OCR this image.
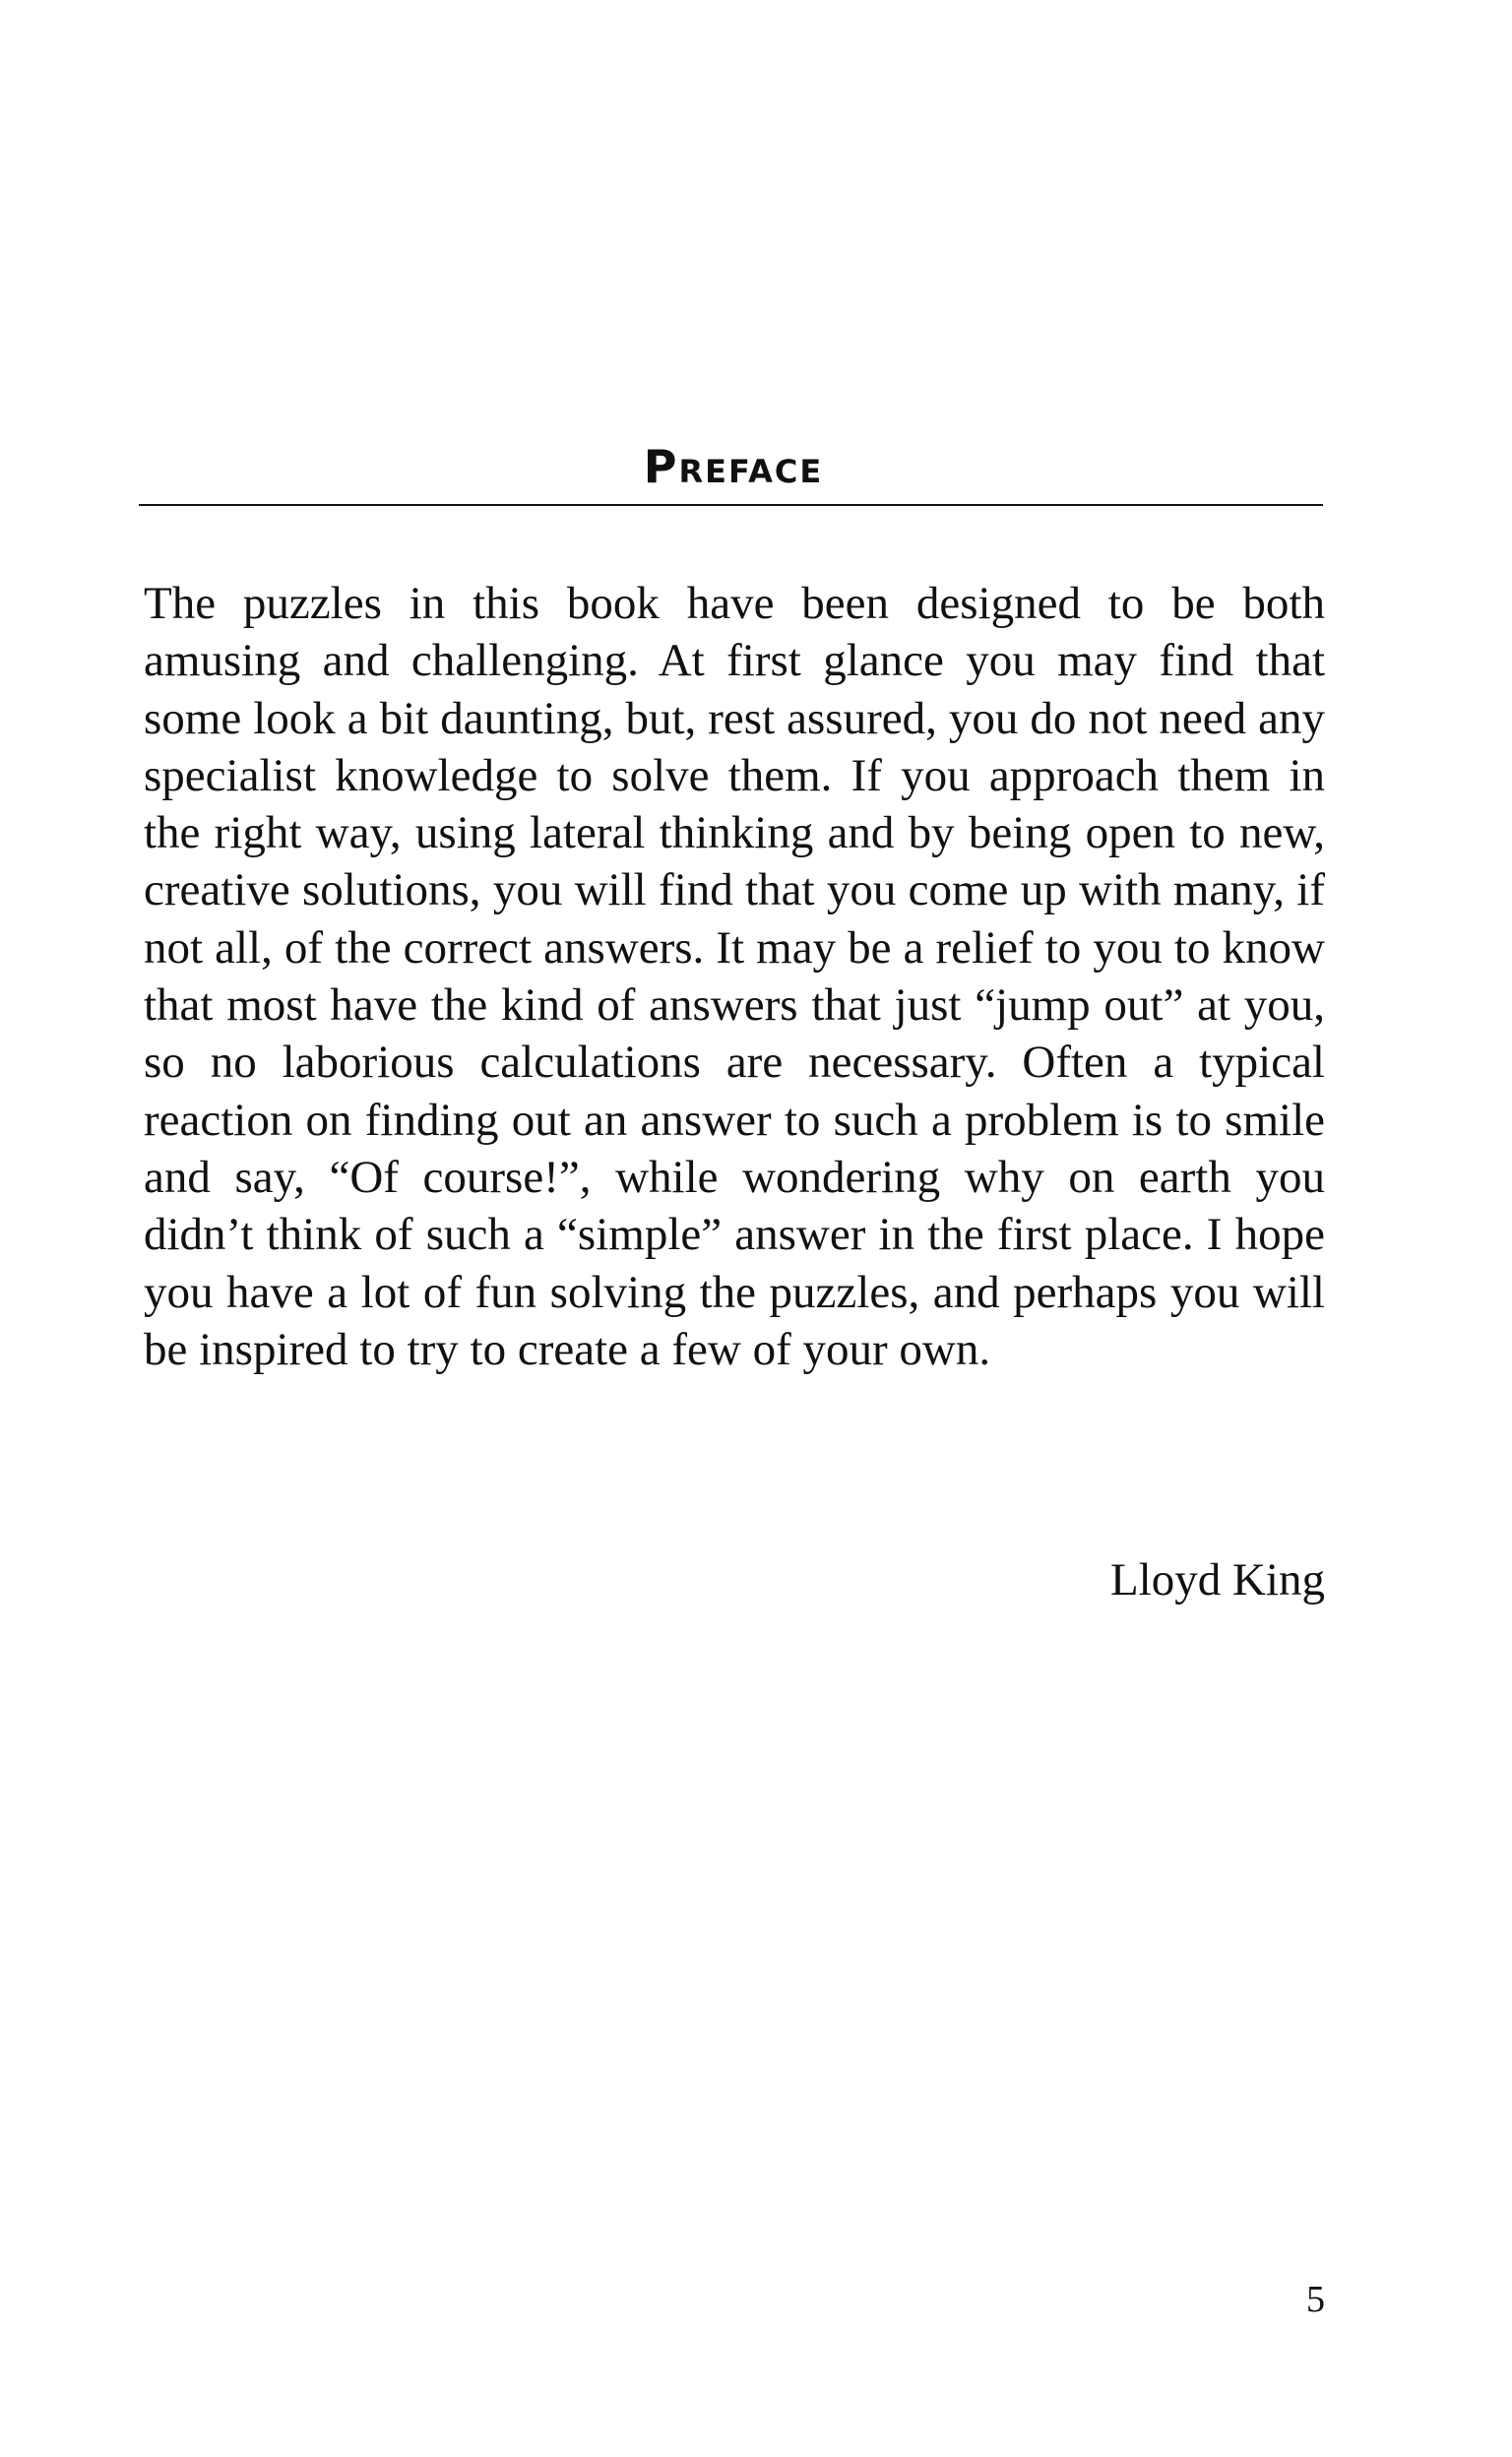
Preface

The puzzles in this book have been designed to be both amusing and challenging. At first glance you may find that some look a bit daunting, but, rest assured, you do not need any specialist knowledge to solve them. If you approach them in the right way, using lateral thinking and by being open to new, creative solutions, you will find that you come up with many, if not all, of the correct answers. It may be a relief to you to know that most have the kind of answers that just “jump out” at you, so no laborious calculations are necessary. Often a typical reaction on finding out an answer to such a problem is to smile and say, “Of course!”, while wondering why on earth you didn’t think of such a “simple” answer in the first place. I hope you have a lot of fun solving the puzzles, and perhaps you will be inspired to try to create a few of your own.

Lloyd King
5
